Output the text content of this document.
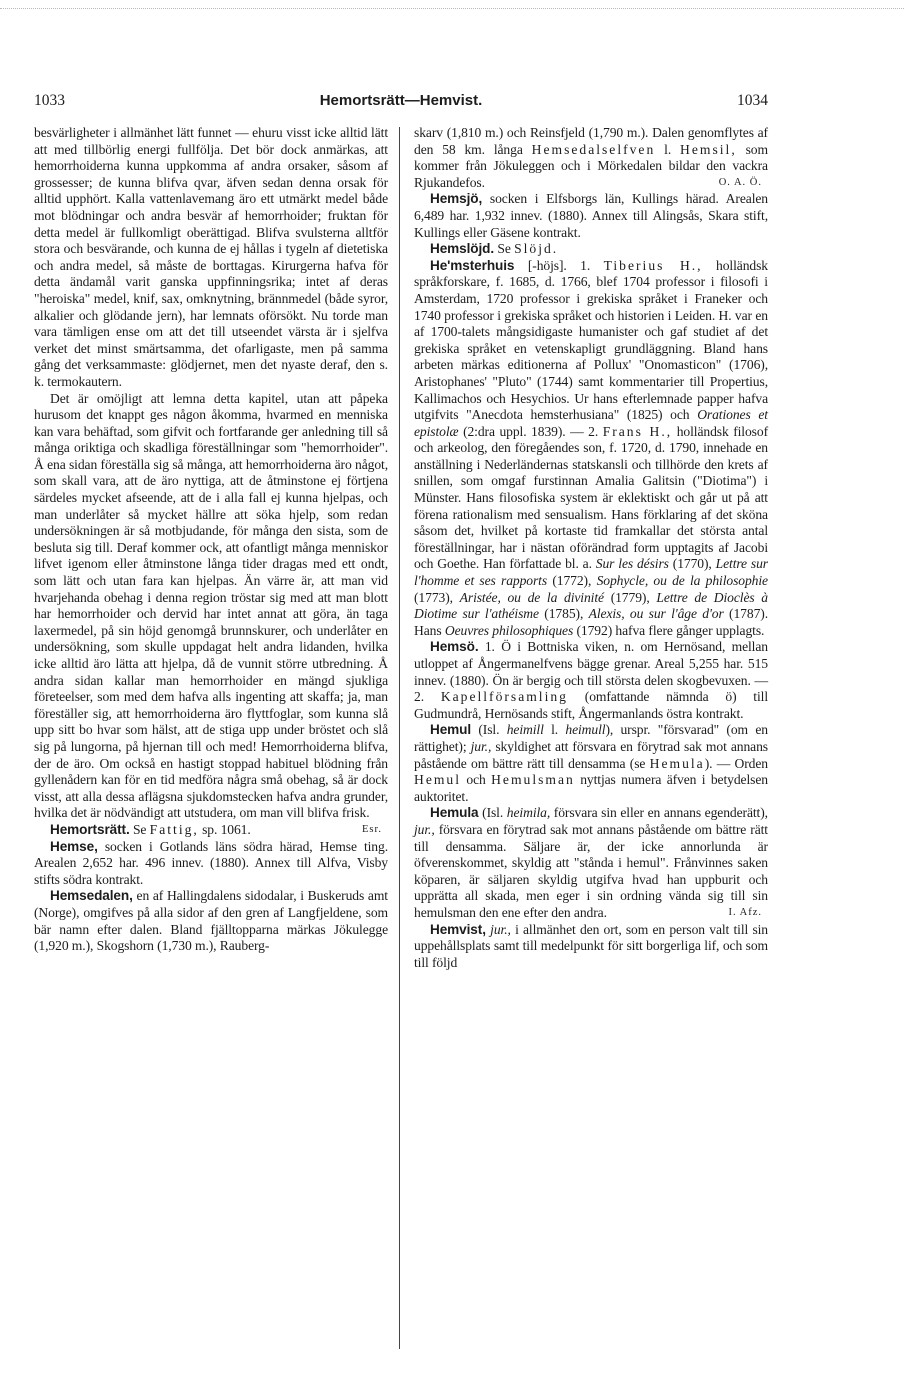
1033	Hemortsrätt—Hemvist.	1034

besvärligheter i allmänhet lätt funnet — ehuru visst icke alltid lätt att med tillbörlig energi fullfölja. Det bör dock anmärkas, att hemorrhoiderna kunna uppkomma af andra orsaker, såsom af grossesser; de kunna blifva qvar, äfven sedan denna orsak för alltid upphört. Kalla vattenlavemang äro ett utmärkt medel både mot blödningar och andra besvär af hemorrhoider; fruktan för detta medel är fullkomligt oberättigad. Blifva svulsterna alltför stora och besvärande, och kunna de ej hållas i tygeln af dietetiska och andra medel, så måste de borttagas. Kirurgerna hafva för detta ändamål varit ganska uppfinningsrika; intet af deras "heroiska" medel, knif, sax, omknytning, brännmedel (både syror, alkalier och glödande jern), har lemnats oförsökt. Nu torde man vara tämligen ense om att det till utseendet värsta är i sjelfva verket det minst smärtsamma, det ofarligaste, men på samma gång det verksammaste: glödjernet, men det nyaste deraf, den s. k. termokautern.

Det är omöjligt att lemna detta kapitel, utan att påpeka hurusom det knappt ges någon åkomma, hvarmed en menniska kan vara behäftad, som gifvit och fortfarande ger anledning till så många oriktiga och skadliga föreställningar som "hemorrhoider". Å ena sidan föreställa sig så många, att hemorrhoiderna äro något, som skall vara, att de äro nyttiga, att de åtminstone ej förtjena särdeles mycket afseende, att de i alla fall ej kunna hjelpas, och man underlåter så mycket hällre att söka hjelp, som redan undersökningen är så motbjudande, för många den sista, som de besluta sig till. Deraf kommer ock, att ofantligt många menniskor lifvet igenom eller åtminstone långa tider dragas med ett ondt, som lätt och utan fara kan hjelpas. Än värre är, att man vid hvarjehanda obehag i denna region tröstar sig med att man blott har hemorrhoider och dervid har intet annat att göra, än taga laxermedel, på sin höjd genomgå brunnskurer, och underlåter en undersökning, som skulle uppdagat helt andra lidanden, hvilka icke alltid äro lätta att hjelpa, då de vunnit större utbredning. Å andra sidan kallar man hemorrhoider en mängd sjukliga företeelser, som med dem hafva alls ingenting att skaffa; ja, man föreställer sig, att hemorrhoiderna äro flyttfoglar, som kunna slå upp sitt bo hvar som hälst, att de stiga upp under bröstet och slå sig på lungorna, på hjernan till och med! Hemorrhoiderna blifva, der de äro. Om också en hastigt stoppad habituel blödning från gyllenådern kan för en tid medföra några små obehag, så är dock visst, att alla dessa aflägsna sjukdomstecken hafva andra grunder, hvilka det är nödvändigt att utstudera, om man vill blifva frisk.
Esr.

Hemortsrätt. Se Fattig, sp. 1061.

Hemse, socken i Gotlands läns södra härad, Hemse ting. Arealen 2,652 har. 496 innev. (1880). Annex till Alfva, Visby stifts södra kontrakt.

Hemsedalen, en af Hallingdalens sidodalar, i Buskeruds amt (Norge), omgifves på alla sidor af den gren af Langfjeldene, som bär namn efter dalen. Bland fjälltopparna märkas Jökulegge (1,920 m.), Skogshorn (1,730 m.), Rauberg-

skarv (1,810 m.) och Reinsfjeld (1,790 m.). Dalen genomflytes af den 58 km. långa Hemsedalselfven l. Hemsil, som kommer från Jökuleggen och i Mörkedalen bildar den vackra Rjukandefos.	O. A. Ö.

Hemsjö, socken i Elfsborgs län, Kullings härad. Arealen 6,489 har. 1,932 innev. (1880). Annex till Alingsås, Skara stift, Kullings eller Gäsene kontrakt.

Hemslöjd. Se Slöjd.

He'msterhuis [-höjs]. 1. Tiberius H., holländsk språkforskare, f. 1685, d. 1766, blef 1704 professor i filosofi i Amsterdam, 1720 professor i grekiska språket i Franeker och 1740 professor i grekiska språket och historien i Leiden. H. var en af 1700-talets mångsidigaste humanister och gaf studiet af det grekiska språket en vetenskapligt grundläggning. Bland hans arbeten märkas editionerna af Pollux' "Onomasticon" (1706), Aristophanes' "Pluto" (1744) samt kommentarier till Propertius, Kallimachos och Hesychios. Ur hans efterlemnade papper hafva utgifvits "Anecdota hemsterhusiana" (1825) och Orationes et epistolæ (2:dra uppl. 1839). — 2. Frans H., holländsk filosof och arkeolog, den föregåendes son, f. 1720, d. 1790, innehade en anställning i Nederländernas statskansli och tillhörde den krets af snillen, som omgaf furstinnan Amalia Galitsin ("Diotima") i Münster. Hans filosofiska system är eklektiskt och går ut på att förena rationalism med sensualism. Hans förklaring af det sköna såsom det, hvilket på kortaste tid framkallar det största antal föreställningar, har i nästan oförändrad form upptagits af Jacobi och Goethe. Han författade bl. a. Sur les désirs (1770), Lettre sur l'homme et ses rapports (1772), Sophycle, ou de la philosophie (1773), Aristée, ou de la divinité (1779), Lettre de Dioclès à Diotime sur l'athéisme (1785), Alexis, ou sur l'âge d'or (1787). Hans Oeuvres philosophiques (1792) hafva flere gånger upplagts.

Hemsö. 1. Ö i Bottniska viken, n. om Hernösand, mellan utloppet af Ångermanelfvens bägge grenar. Areal 5,255 har. 515 innev. (1880). Ön är bergig och till största delen skogbevuxen. — 2. Kapellförsamling (omfattande nämnda ö) till Gudmundrå, Hernösands stift, Ångermanlands östra kontrakt.

Hemul (Isl. heimill l. heimull), urspr. "försvarad" (om en rättighet); jur., skyldighet att försvara en förytrad sak mot annans påstående om bättre rätt till densamma (se Hemula). — Orden Hemul och Hemulsman nyttjas numera äfven i betydelsen auktoritet.

Hemula (Isl. heimila, försvara sin eller en annans egenderätt), jur., försvara en förytrad sak mot annans påstående om bättre rätt till densamma. Säljare är, der icke annorlunda är öfverenskommet, skyldig att "stånda i hemul". Frånvinnes saken köparen, är säljaren skyldig utgifva hvad han uppburit och upprätta all skada, men eger i sin ordning vända sig till sin hemulsman den ene efter den andra.	I. Afz.

Hemvist, jur., i allmänhet den ort, som en person valt till sin uppehållsplats samt till medelpunkt för sitt borgerliga lif, och som till följd
